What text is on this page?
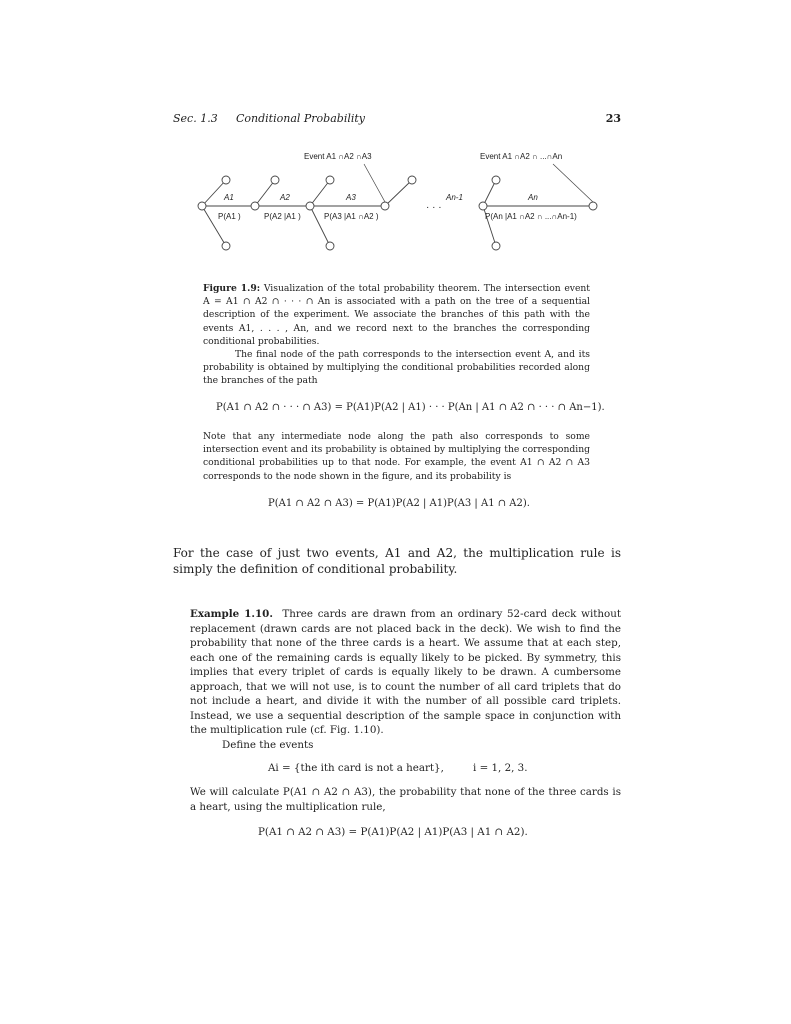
Sec. 1.3 Conditional Probability	23
Event A1 ∩A2 ∩A3	Event A1 ∩A2 ∩ ...∩An
A1	A2	A3	An-1	An
P(A1 )	P(A2 |A1 )	P(A3 |A1 ∩A2 )	P(An |A1 ∩A2 ∩ ...∩An-1)
· · ·

Figure 1.9: Visualization of the total probability theorem. The intersection event A = A1 ∩ A2 ∩ · · · ∩ An is associated with a path on the tree of a sequential description of the experiment. We associate the branches of this path with the events A1, . . . , An, and we record next to the branches the corresponding conditional probabilities.

The final node of the path corresponds to the intersection event A, and its probability is obtained by multiplying the conditional probabilities recorded along the branches of the path

P(A1 ∩ A2 ∩ · · · ∩ A3) = P(A1)P(A2 | A1) · · · P(An | A1 ∩ A2 ∩ · · · ∩ An−1).
Note that any intermediate node along the path also corresponds to some intersection event and its probability is obtained by multiplying the corresponding conditional probabilities up to that node. For example, the event A1 ∩ A2 ∩ A3 corresponds to the node shown in the figure, and its probability is
P(A1 ∩ A2 ∩ A3) = P(A1)P(A2 | A1)P(A3 | A1 ∩ A2).
For the case of just two events, A1 and A2, the multiplication rule is simply the definition of conditional probability.

Example 1.10. Three cards are drawn from an ordinary 52-card deck without replacement (drawn cards are not placed back in the deck). We wish to find the probability that none of the three cards is a heart. We assume that at each step, each one of the remaining cards is equally likely to be picked. By symmetry, this implies that every triplet of cards is equally likely to be drawn. A cumbersome approach, that we will not use, is to count the number of all card triplets that do not include a heart, and divide it with the number of all possible card triplets. Instead, we use a sequential description of the sample space in conjunction with the multiplication rule (cf. Fig. 1.10).

Define the events

Ai = {the ith card is not a heart},	i = 1, 2, 3.
We will calculate P(A1 ∩ A2 ∩ A3), the probability that none of the three cards is a heart, using the multiplication rule,
P(A1 ∩ A2 ∩ A3) = P(A1)P(A2 | A1)P(A3 | A1 ∩ A2).
